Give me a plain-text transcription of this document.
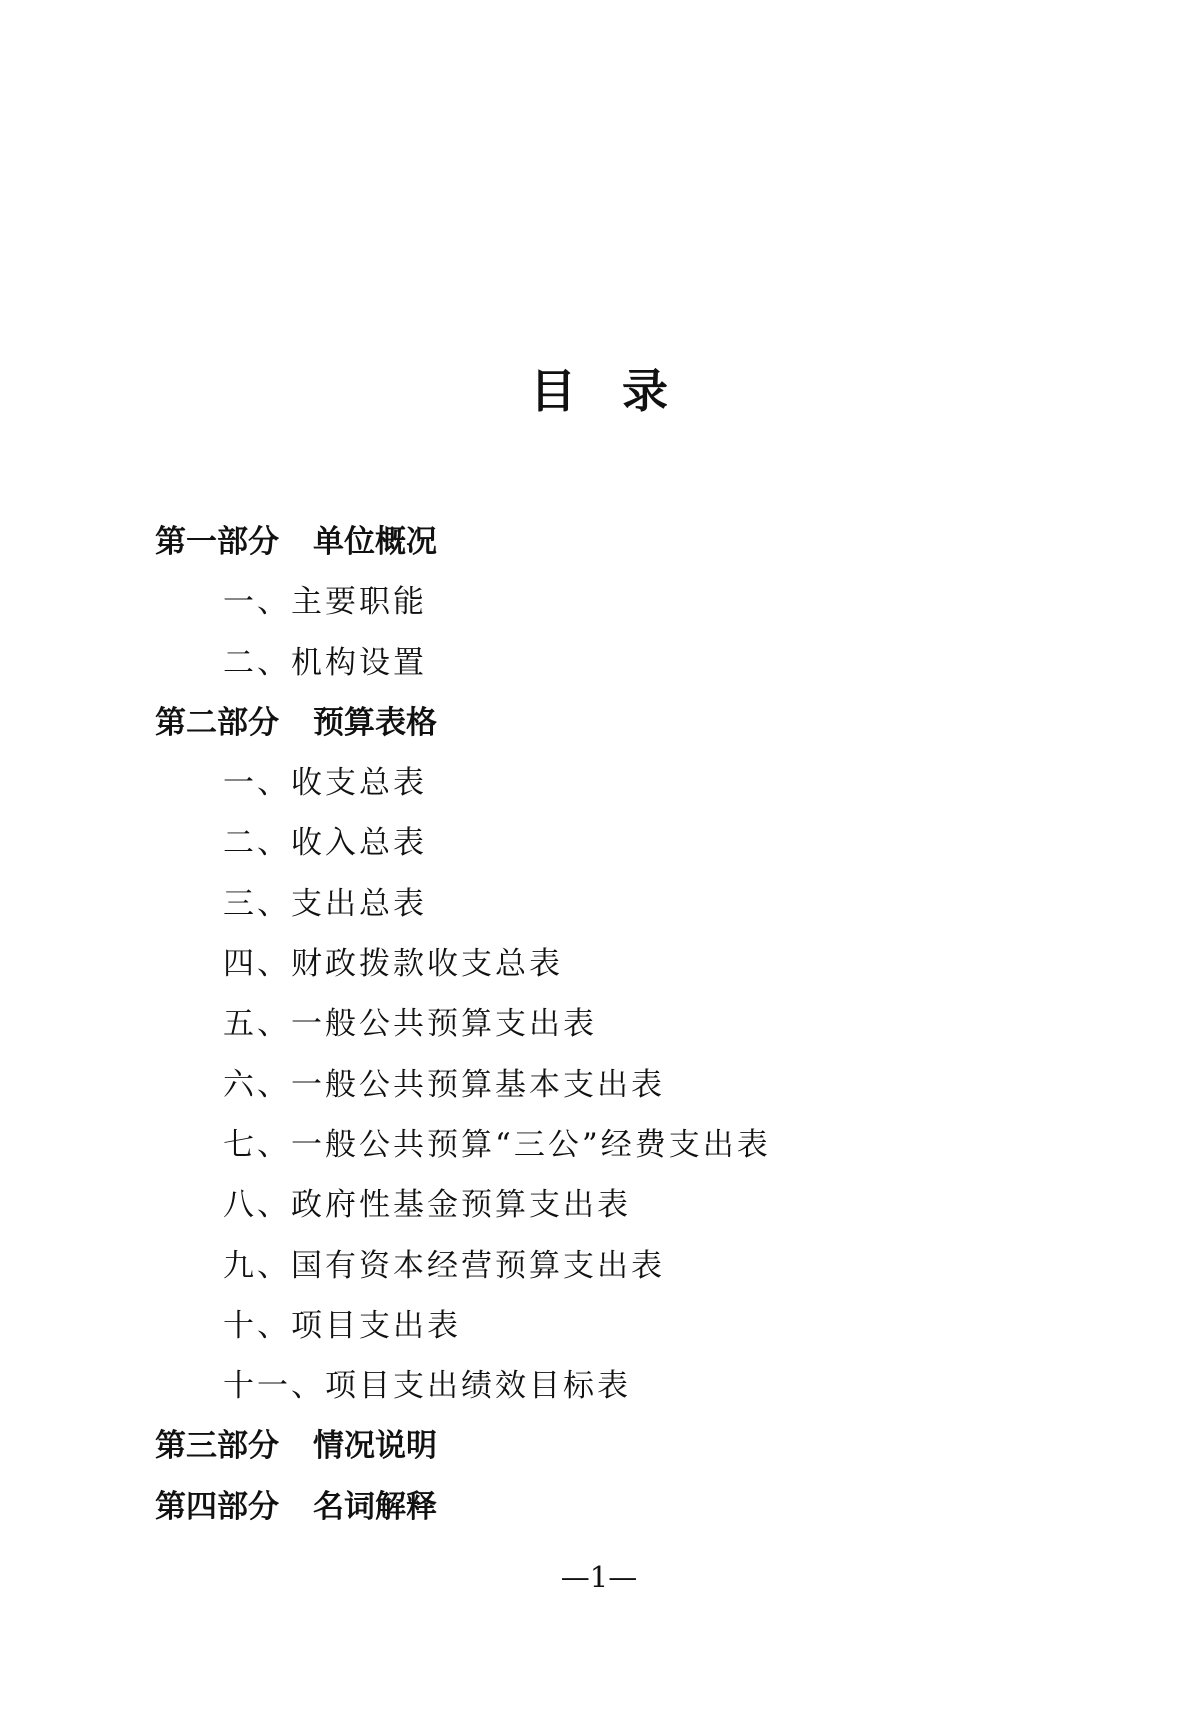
目 录
第一部分 单位概况
一、主要职能
二、机构设置
第二部分 预算表格
一、收支总表
二、收入总表
三、支出总表
四、财政拨款收支总表
五、一般公共预算支出表
六、一般公共预算基本支出表
七、一般公共预算“三公”经费支出表
八、政府性基金预算支出表
九、国有资本经营预算支出表
十、项目支出表
十一、项目支出绩效目标表
第三部分 情况说明
第四部分 名词解释
—1—
